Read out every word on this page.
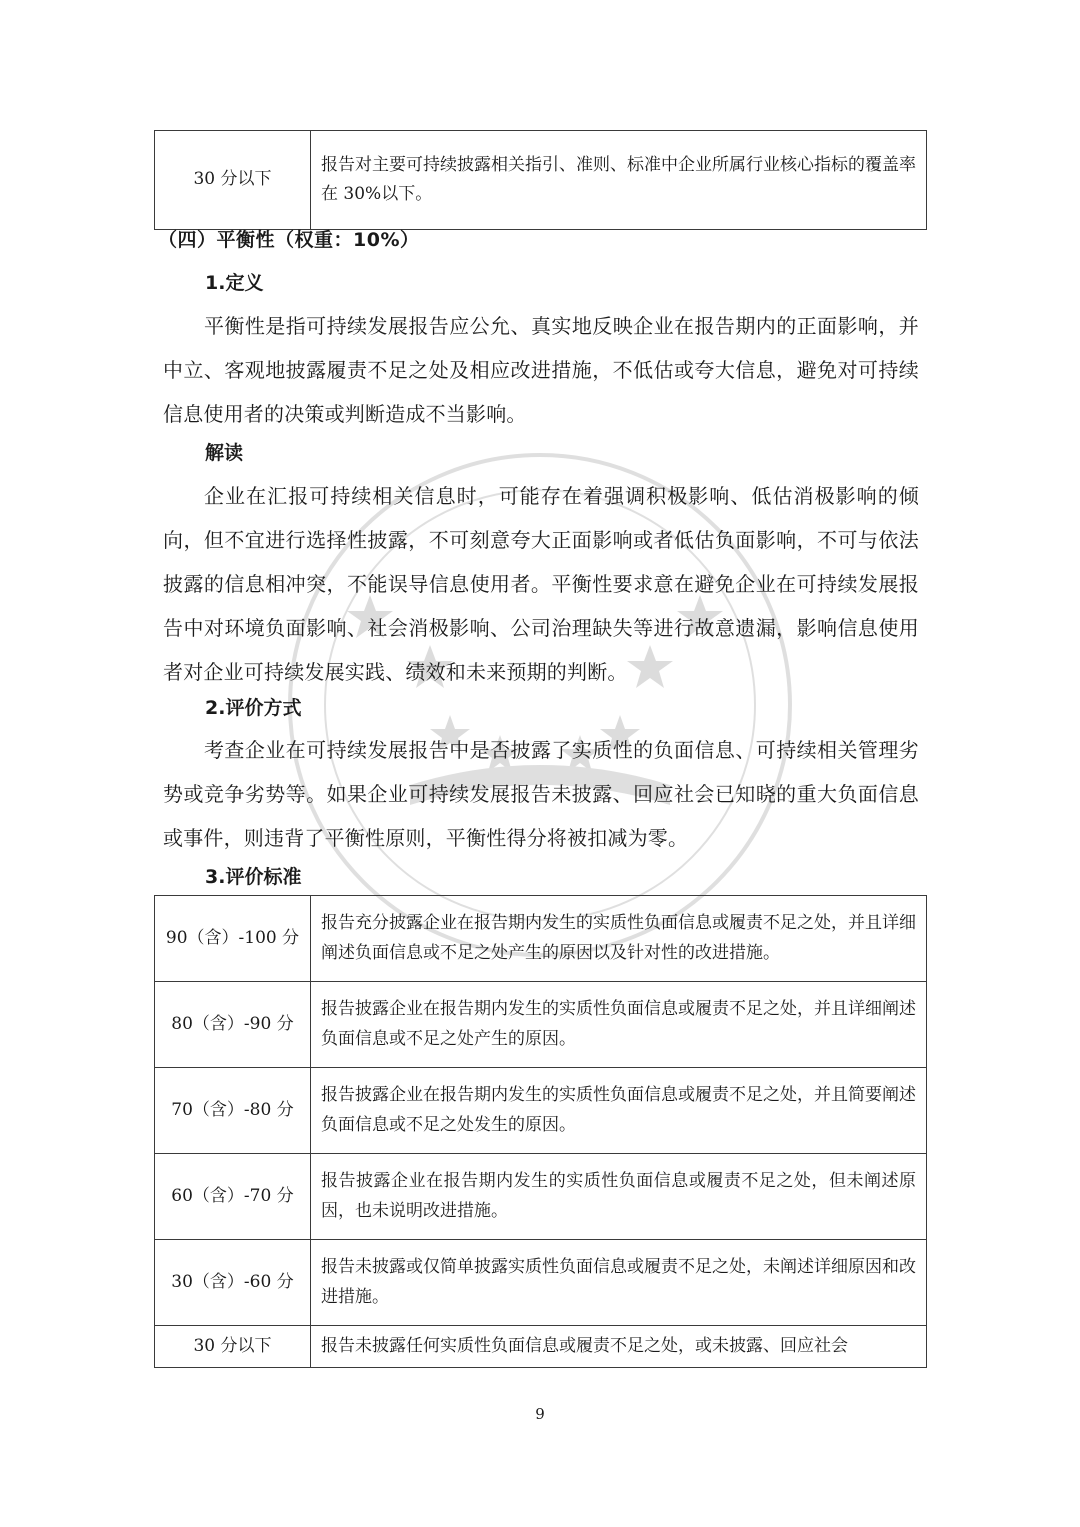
30 分以下	报告对主要可持续披露相关指引、准则、标准中企业所属行业核心指标的覆盖率在 30%以下。
（四）平衡性（权重：10%）
1.定义
平衡性是指可持续发展报告应公允、真实地反映企业在报告期内的正面影响，并中立、客观地披露履责不足之处及相应改进措施，不低估或夸大信息，避免对可持续信息使用者的决策或判断造成不当影响。
解读
企业在汇报可持续相关信息时，可能存在着强调积极影响、低估消极影响的倾向，但不宜进行选择性披露，不可刻意夸大正面影响或者低估负面影响，不可与依法披露的信息相冲突，不能误导信息使用者。平衡性要求意在避免企业在可持续发展报告中对环境负面影响、社会消极影响、公司治理缺失等进行故意遗漏，影响信息使用者对企业可持续发展实践、绩效和未来预期的判断。
2.评价方式
考查企业在可持续发展报告中是否披露了实质性的负面信息、可持续相关管理劣势或竞争劣势等。如果企业可持续发展报告未披露、回应社会已知晓的重大负面信息或事件，则违背了平衡性原则，平衡性得分将被扣减为零。
3.评价标准
90（含）-100 分	报告充分披露企业在报告期内发生的实质性负面信息或履责不足之处，并且详细阐述负面信息或不足之处产生的原因以及针对性的改进措施。
80（含）-90 分	报告披露企业在报告期内发生的实质性负面信息或履责不足之处，并且详细阐述负面信息或不足之处产生的原因。
70（含）-80 分	报告披露企业在报告期内发生的实质性负面信息或履责不足之处，并且简要阐述负面信息或不足之处发生的原因。
60（含）-70 分	报告披露企业在报告期内发生的实质性负面信息或履责不足之处，但未阐述原因，也未说明改进措施。
30（含）-60 分	报告未披露或仅简单披露实质性负面信息或履责不足之处，未阐述详细原因和改进措施。
30 分以下	报告未披露任何实质性负面信息或履责不足之处，或未披露、回应社会
9
